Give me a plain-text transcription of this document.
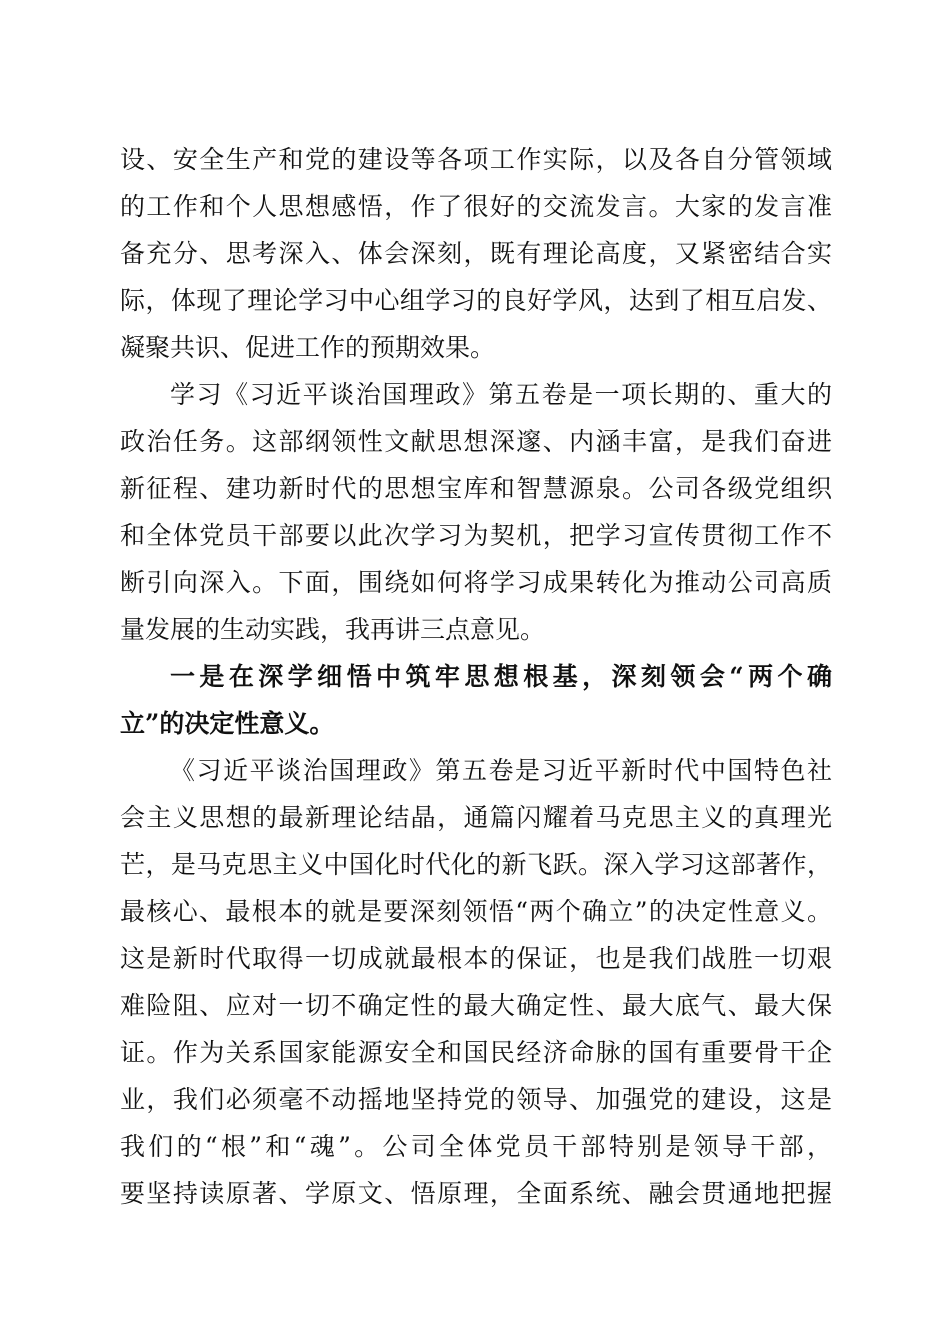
设、安全生产和党的建设等各项工作实际，以及各自分管领域
的工作和个人思想感悟，作了很好的交流发言。大家的发言准
备充分、思考深入、体会深刻，既有理论高度，又紧密结合实
际，体现了理论学习中心组学习的良好学风，达到了相互启发、
凝聚共识、促进工作的预期效果。
学习《习近平谈治国理政》第五卷是一项长期的、重大的
政治任务。这部纲领性文献思想深邃、内涵丰富，是我们奋进
新征程、建功新时代的思想宝库和智慧源泉。公司各级党组织
和全体党员干部要以此次学习为契机，把学习宣传贯彻工作不
断引向深入。下面，围绕如何将学习成果转化为推动公司高质
量发展的生动实践，我再讲三点意见。
一是在深学细悟中筑牢思想根基，深刻领会“两个确
立”的决定性意义。
《习近平谈治国理政》第五卷是习近平新时代中国特色社
会主义思想的最新理论结晶，通篇闪耀着马克思主义的真理光
芒，是马克思主义中国化时代化的新飞跃。深入学习这部著作，
最核心、最根本的就是要深刻领悟“两个确立”的决定性意义。
这是新时代取得一切成就最根本的保证，也是我们战胜一切艰
难险阻、应对一切不确定性的最大确定性、最大底气、最大保
证。作为关系国家能源安全和国民经济命脉的国有重要骨干企
业，我们必须毫不动摇地坚持党的领导、加强党的建设，这是
我们的“根”和“魂”。公司全体党员干部特别是领导干部，
要坚持读原著、学原文、悟原理，全面系统、融会贯通地把握
